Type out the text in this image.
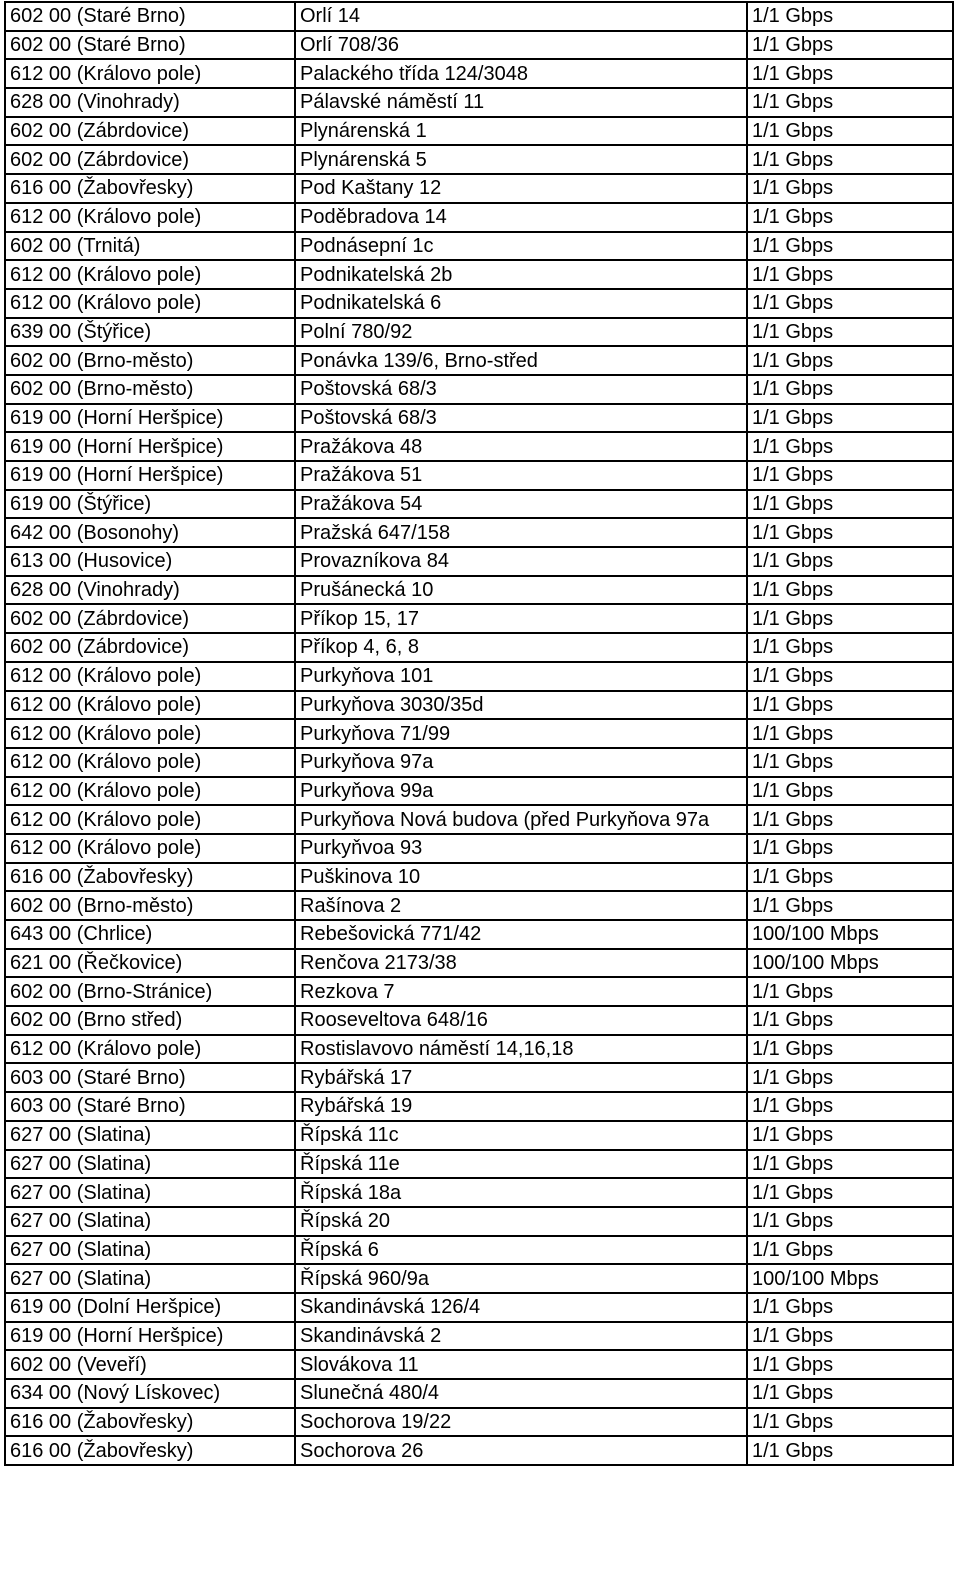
602 00 (Staré Brno)	Orlí 14	1/1 Gbps
602 00 (Staré Brno)	Orlí 708/36	1/1 Gbps
612 00 (Královo pole)	Palackého třída 124/3048	1/1 Gbps
628 00 (Vinohrady)	Pálavské náměstí 11	1/1 Gbps
602 00 (Zábrdovice)	Plynárenská 1	1/1 Gbps
602 00 (Zábrdovice)	Plynárenská 5	1/1 Gbps
616 00 (Žabovřesky)	Pod Kaštany 12	1/1 Gbps
612 00 (Královo pole)	Poděbradova 14	1/1 Gbps
602 00 (Trnitá)	Podnásepní 1c	1/1 Gbps
612 00 (Královo pole)	Podnikatelská 2b	1/1 Gbps
612 00 (Královo pole)	Podnikatelská 6	1/1 Gbps
639 00 (Štýřice)	Polní 780/92	1/1 Gbps
602 00 (Brno-město)	Ponávka 139/6, Brno-střed	1/1 Gbps
602 00 (Brno-město)	Poštovská 68/3	1/1 Gbps
619 00 (Horní Heršpice)	Poštovská 68/3	1/1 Gbps
619 00 (Horní Heršpice)	Pražákova 48	1/1 Gbps
619 00 (Horní Heršpice)	Pražákova 51	1/1 Gbps
619 00 (Štýřice)	Pražákova 54	1/1 Gbps
642 00 (Bosonohy)	Pražská 647/158	1/1 Gbps
613 00 (Husovice)	Provazníkova 84	1/1 Gbps
628 00 (Vinohrady)	Prušánecká 10	1/1 Gbps
602 00 (Zábrdovice)	Příkop 15, 17	1/1 Gbps
602 00 (Zábrdovice)	Příkop 4, 6, 8	1/1 Gbps
612 00 (Královo pole)	Purkyňova 101	1/1 Gbps
612 00 (Královo pole)	Purkyňova 3030/35d	1/1 Gbps
612 00 (Královo pole)	Purkyňova 71/99	1/1 Gbps
612 00 (Královo pole)	Purkyňova 97a	1/1 Gbps
612 00 (Královo pole)	Purkyňova 99a	1/1 Gbps
612 00 (Královo pole)	Purkyňova Nová budova (před Purkyňova 97a	1/1 Gbps
612 00 (Královo pole)	Purkyňvoa 93	1/1 Gbps
616 00 (Žabovřesky)	Puškinova 10	1/1 Gbps
602 00 (Brno-město)	Rašínova 2	1/1 Gbps
643 00 (Chrlice)	Rebešovická 771/42	100/100 Mbps
621 00 (Řečkovice)	Renčova 2173/38	100/100 Mbps
602 00 (Brno-Stránice)	Rezkova 7	1/1 Gbps
602 00 (Brno střed)	Rooseveltova 648/16	1/1 Gbps
612 00 (Královo pole)	Rostislavovo náměstí 14,16,18	1/1 Gbps
603 00 (Staré Brno)	Rybářská 17	1/1 Gbps
603 00 (Staré Brno)	Rybářská 19	1/1 Gbps
627 00 (Slatina)	Řípská 11c	1/1 Gbps
627 00 (Slatina)	Řípská 11e	1/1 Gbps
627 00 (Slatina)	Řípská 18a	1/1 Gbps
627 00 (Slatina)	Řípská 20	1/1 Gbps
627 00 (Slatina)	Řípská 6	1/1 Gbps
627 00 (Slatina)	Řípská 960/9a	100/100 Mbps
619 00 (Dolní Heršpice)	Skandinávská 126/4	1/1 Gbps
619 00 (Horní Heršpice)	Skandinávská 2	1/1 Gbps
602 00 (Veveří)	Slovákova 11	1/1 Gbps
634 00 (Nový Lískovec)	Slunečná 480/4	1/1 Gbps
616 00 (Žabovřesky)	Sochorova 19/22	1/1 Gbps
616 00 (Žabovřesky)	Sochorova 26	1/1 Gbps
